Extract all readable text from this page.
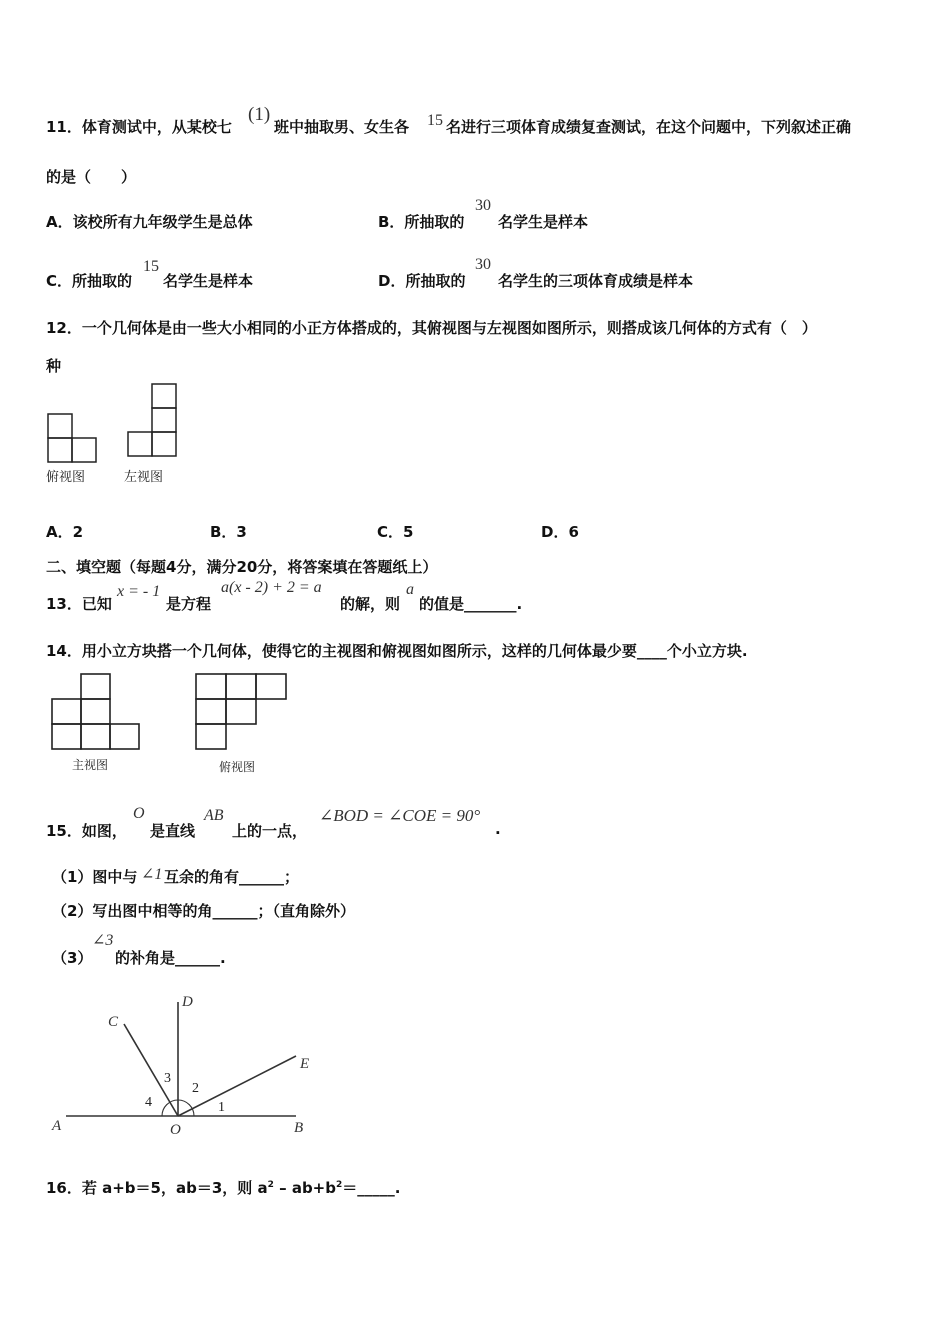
11．体育测试中，从某校七
(1)
班中抽取男、女生各 15 名进行三项体育成绩复查测试，在这个问题中，下列叙述正确
的是（　　）
A．该校所有九年级学生是总体	B．所抽取的
30
名学生是样本
C．所抽取的
15
名学生是样本	D．所抽取的
30
名学生的三项体育成绩是样本
12．一个几何体是由一些大小相同的小正方体搭成的，其俯视图与左视图如图所示，则搭成该几何体的方式有（　）
种
俯视图	左视图
A．2	B．3	C．5	D．6
二、填空题（每题4分，满分20分，将答案填在答题纸上）
13．已知
x = - 1
是方程
a(x - 2) + 2 = a
的解，则
a
的值是_______.
14．用小立方块搭一个几何体，使得它的主视图和俯视图如图所示，这样的几何体最少要____个小立方块.
主视图	俯视图
15．如图，
O
是直线
AB
上的一点，
∠BOD = ∠COE = 90°
.
（1）图中与 ∠1 互余的角有______；
（2）写出图中相等的角______；（直角除外）
（3）
∠3
的补角是______.
A	B
C
D
E
O
1
2
3
4
16．若 a+b＝5，ab＝3，则 $a^2$ – $ab+b^2=\_\_\_\_\_$.
